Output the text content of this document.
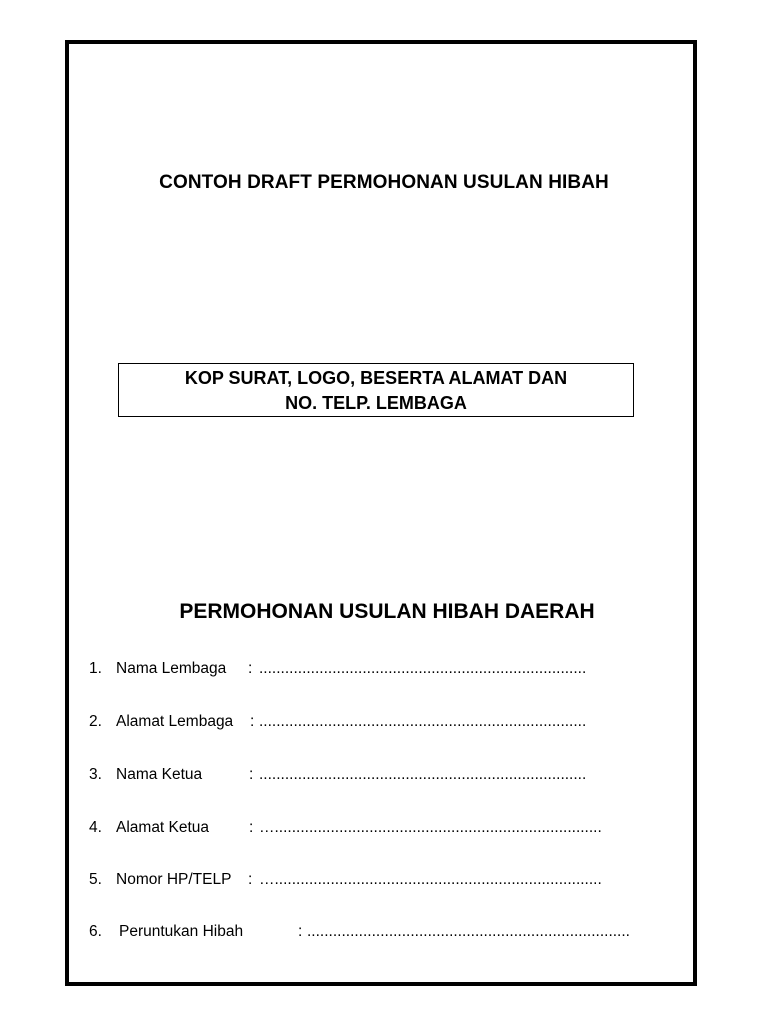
CONTOH DRAFT PERMOHONAN USULAN HIBAH
KOP SURAT, LOGO, BESERTA ALAMAT DAN
NO. TELP. LEMBAGA
PERMOHONAN USULAN HIBAH DAERAH
1. Nama Lembaga : ............................................................................
2. Alamat Lembaga : ............................................................................
3. Nama Ketua	: ............................................................................
4. Alamat Ketua	: …............................................................................
5. Nomor HP/TELP : …............................................................................
6. Peruntukan Hibah	: ...........................................................................
